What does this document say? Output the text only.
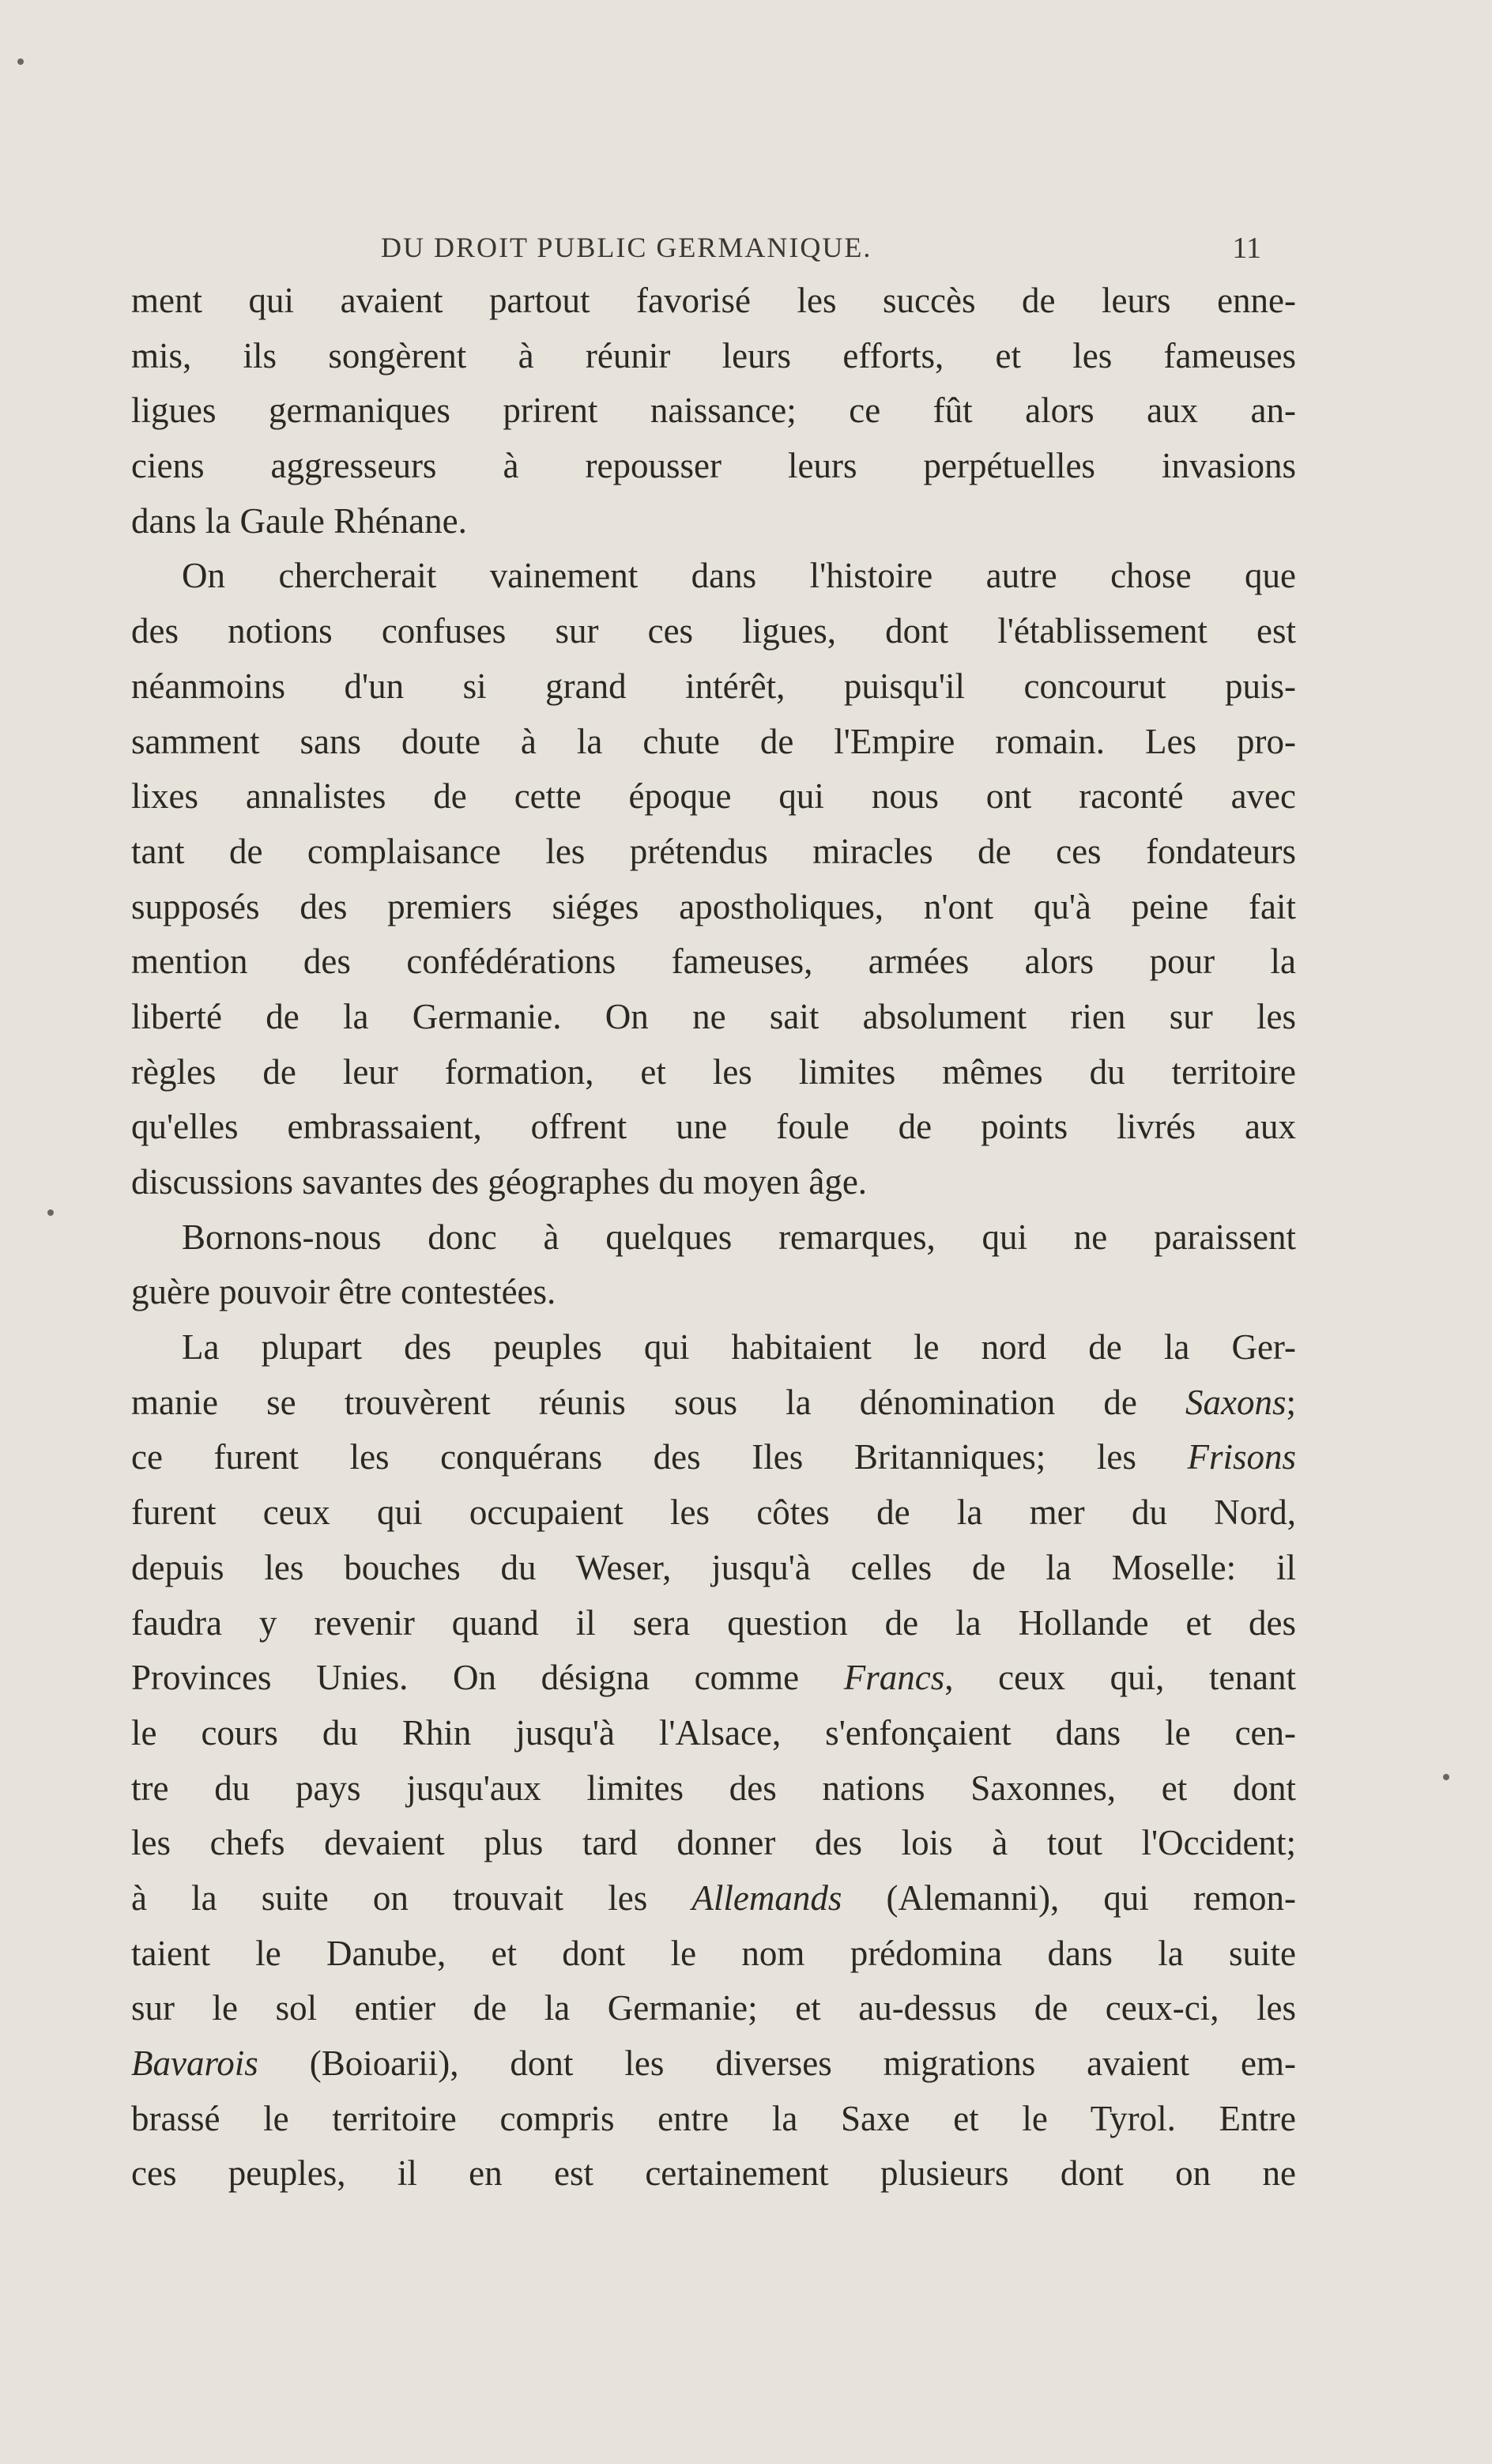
DU DROIT PUBLIC GERMANIQUE.	11
ment qui avaient partout favorisé les succès de leurs enne-
mis, ils songèrent à réunir leurs efforts, et les fameuses
ligues germaniques prirent naissance; ce fût alors aux an-
ciens aggresseurs à repousser leurs perpétuelles invasions
dans la Gaule Rhénane.
On chercherait vainement dans l'histoire autre chose que
des notions confuses sur ces ligues, dont l'établissement est
néanmoins d'un si grand intérêt, puisqu'il concourut puis-
samment sans doute à la chute de l'Empire romain. Les pro-
lixes annalistes de cette époque qui nous ont raconté avec
tant de complaisance les prétendus miracles de ces fondateurs
supposés des premiers siéges apostholiques, n'ont qu'à peine fait
mention des confédérations fameuses, armées alors pour la
liberté de la Germanie. On ne sait absolument rien sur les
règles de leur formation, et les limites mêmes du territoire
qu'elles embrassaient, offrent une foule de points livrés aux
discussions savantes des géographes du moyen âge.
Bornons-nous donc à quelques remarques, qui ne paraissent
guère pouvoir être contestées.
La plupart des peuples qui habitaient le nord de la Ger-
manie se trouvèrent réunis sous la dénomination de Saxons;
ce furent les conquérans des Iles Britanniques; les Frisons
furent ceux qui occupaient les côtes de la mer du Nord,
depuis les bouches du Weser, jusqu'à celles de la Moselle: il
faudra y revenir quand il sera question de la Hollande et des
Provinces Unies. On désigna comme Francs, ceux qui, tenant
le cours du Rhin jusqu'à l'Alsace, s'enfonçaient dans le cen-
tre du pays jusqu'aux limites des nations Saxonnes, et dont
les chefs devaient plus tard donner des lois à tout l'Occident;
à la suite on trouvait les Allemands (Alemanni), qui remon-
taient le Danube, et dont le nom prédomina dans la suite
sur le sol entier de la Germanie; et au-dessus de ceux-ci, les
Bavarois (Boioarii), dont les diverses migrations avaient em-
brassé le territoire compris entre la Saxe et le Tyrol. Entre
ces peuples, il en est certainement plusieurs dont on ne
